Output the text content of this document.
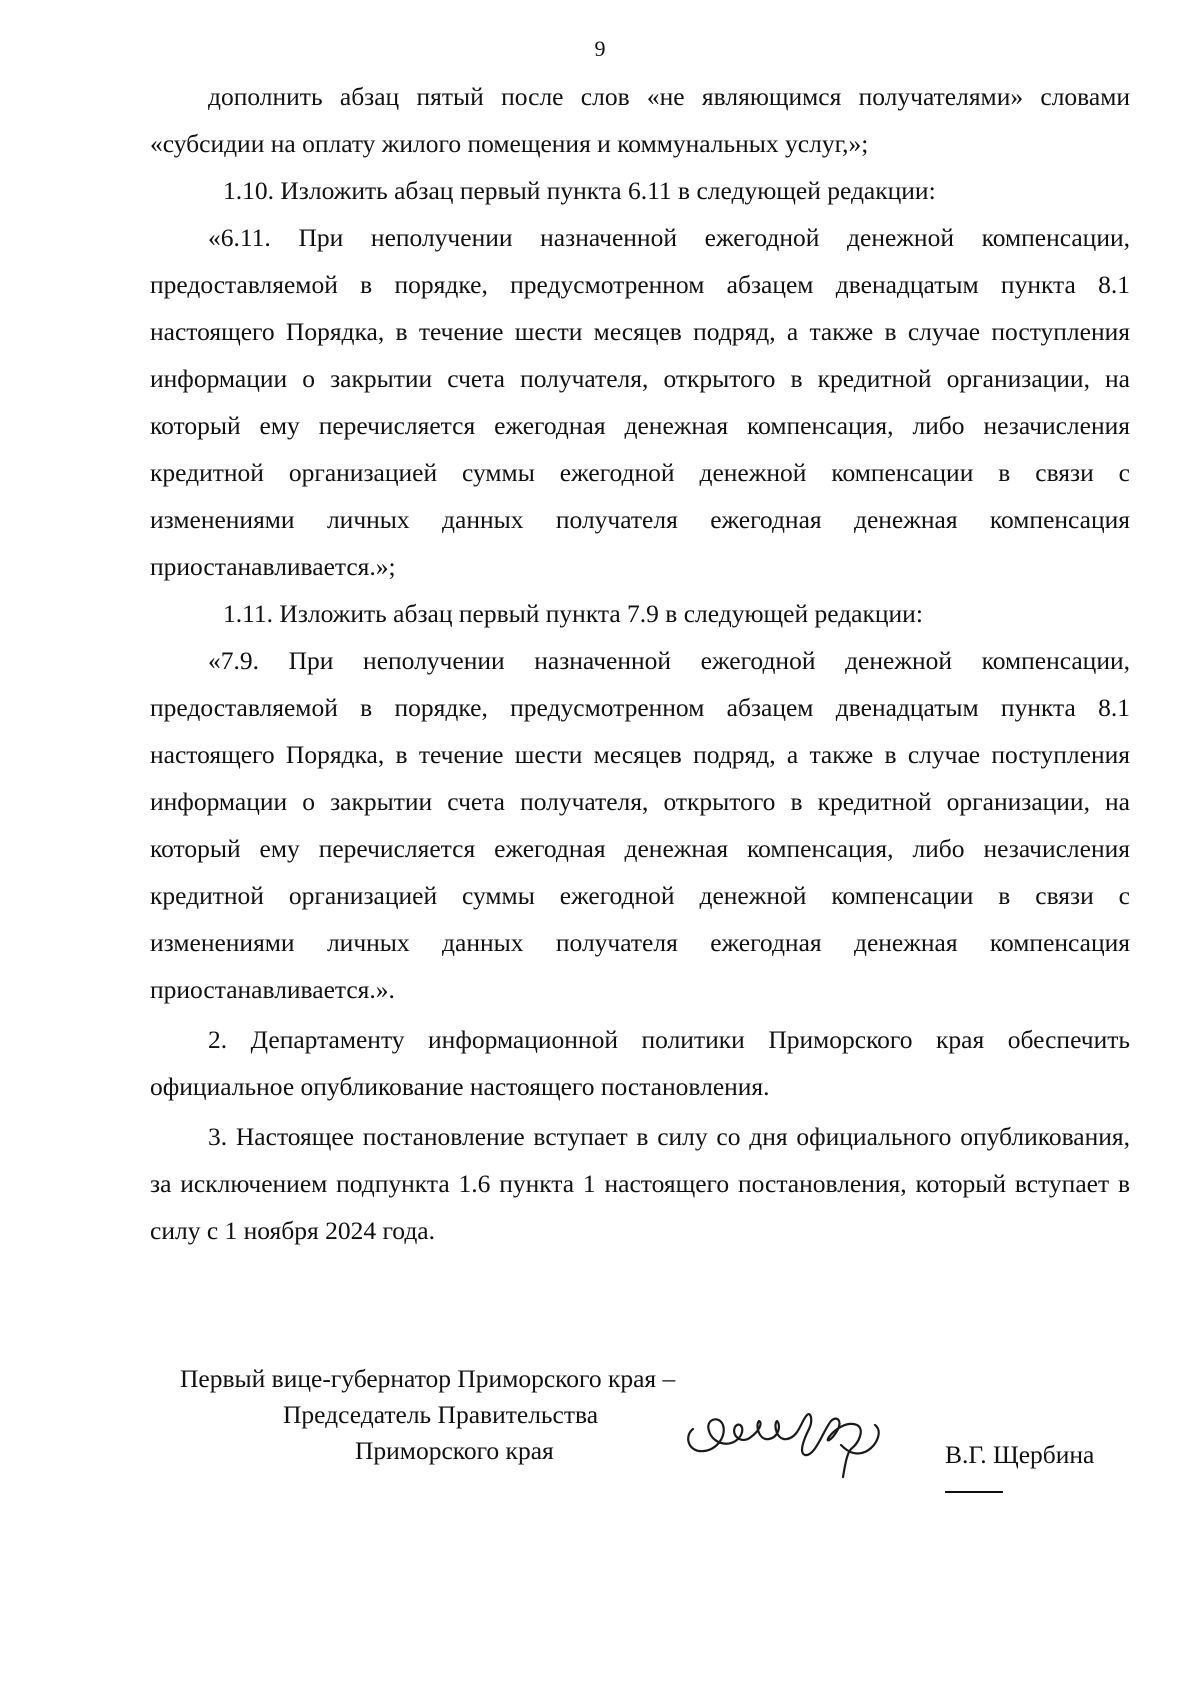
9

дополнить абзац пятый после слов «не являющимся получателями» словами «субсидии на оплату жилого помещения и коммунальных услуг,»;

1.10. Изложить абзац первый пункта 6.11 в следующей редакции:

«6.11. При неполучении назначенной ежегодной денежной компенсации, предоставляемой в порядке, предусмотренном абзацем двенадцатым пункта 8.1 настоящего Порядка, в течение шести месяцев подряд, а также в случае поступления информации о закрытии счета получателя, открытого в кредитной организации, на который ему перечисляется ежегодная денежная компенсация, либо незачисления кредитной организацией суммы ежегодной денежной компенсации в связи с изменениями личных данных получателя ежегодная денежная компенсация приостанавливается.»;

1.11. Изложить абзац первый пункта 7.9 в следующей редакции:

«7.9. При неполучении назначенной ежегодной денежной компенсации, предоставляемой в порядке, предусмотренном абзацем двенадцатым пункта 8.1 настоящего Порядка, в течение шести месяцев подряд, а также в случае поступления информации о закрытии счета получателя, открытого в кредитной организации, на который ему перечисляется ежегодная денежная компенсация, либо незачисления кредитной организацией суммы ежегодной денежной компенсации в связи с изменениями личных данных получателя ежегодная денежная компенсация приостанавливается.».

2. Департаменту информационной политики Приморского края обеспечить официальное опубликование настоящего постановления.

3. Настоящее постановление вступает в силу со дня официального опубликования, за исключением подпункта 1.6 пункта 1 настоящего постановления, который вступает в силу с 1 ноября 2024 года.

Первый вице-губернатор Приморского края –
Председатель Правительства
Приморского края	В.Г. Щербина
